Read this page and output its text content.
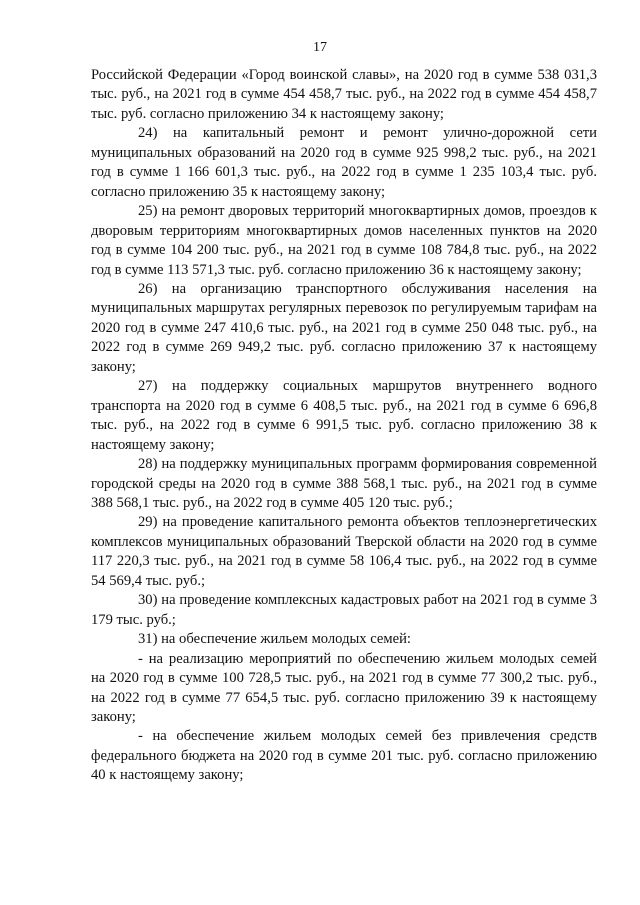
17

Российской Федерации «Город воинской славы», на 2020 год в сумме 538 031,3 тыс. руб., на 2021 год в сумме 454 458,7 тыс. руб., на 2022 год в сумме 454 458,7 тыс. руб. согласно приложению 34 к настоящему закону;

24) на капитальный ремонт и ремонт улично-дорожной сети муниципальных образований на 2020 год в сумме 925 998,2 тыс. руб., на 2021 год в сумме 1 166 601,3 тыс. руб., на 2022 год в сумме 1 235 103,4 тыс. руб. согласно приложению 35 к настоящему закону;

25) на ремонт дворовых территорий многоквартирных домов, проездов к дворовым территориям многоквартирных домов населенных пунктов на 2020 год в сумме 104 200 тыс. руб., на 2021 год в сумме 108 784,8 тыс. руб., на 2022 год в сумме 113 571,3 тыс. руб. согласно приложению 36 к настоящему закону;

26) на организацию транспортного обслуживания населения на муниципальных маршрутах регулярных перевозок по регулируемым тарифам на 2020 год в сумме 247 410,6 тыс. руб., на 2021 год в сумме 250 048 тыс. руб., на 2022 год в сумме 269 949,2 тыс. руб. согласно приложению 37 к настоящему закону;

27) на поддержку социальных маршрутов внутреннего водного транспорта на 2020 год в сумме 6 408,5 тыс. руб., на 2021 год в сумме 6 696,8 тыс. руб., на 2022 год в сумме 6 991,5 тыс. руб. согласно приложению 38 к настоящему закону;

28) на поддержку муниципальных программ формирования современной городской среды на 2020 год в сумме 388 568,1 тыс. руб., на 2021 год в сумме 388 568,1 тыс. руб., на 2022 год в сумме 405 120 тыс. руб.;

29) на проведение капитального ремонта объектов теплоэнергетических комплексов муниципальных образований Тверской области на 2020 год в сумме 117 220,3 тыс. руб., на 2021 год в сумме 58 106,4 тыс. руб., на 2022 год в сумме 54 569,4 тыс. руб.;

30) на проведение комплексных кадастровых работ на 2021 год в сумме 3 179 тыс. руб.;

31) на обеспечение жильем молодых семей:

- на реализацию мероприятий по обеспечению жильем молодых семей на 2020 год в сумме 100 728,5 тыс. руб., на 2021 год в сумме 77 300,2 тыс. руб., на 2022 год в сумме 77 654,5 тыс. руб. согласно приложению 39 к настоящему закону;

- на обеспечение жильем молодых семей без привлечения средств федерального бюджета на 2020 год в сумме 201 тыс. руб. согласно приложению 40 к настоящему закону;
